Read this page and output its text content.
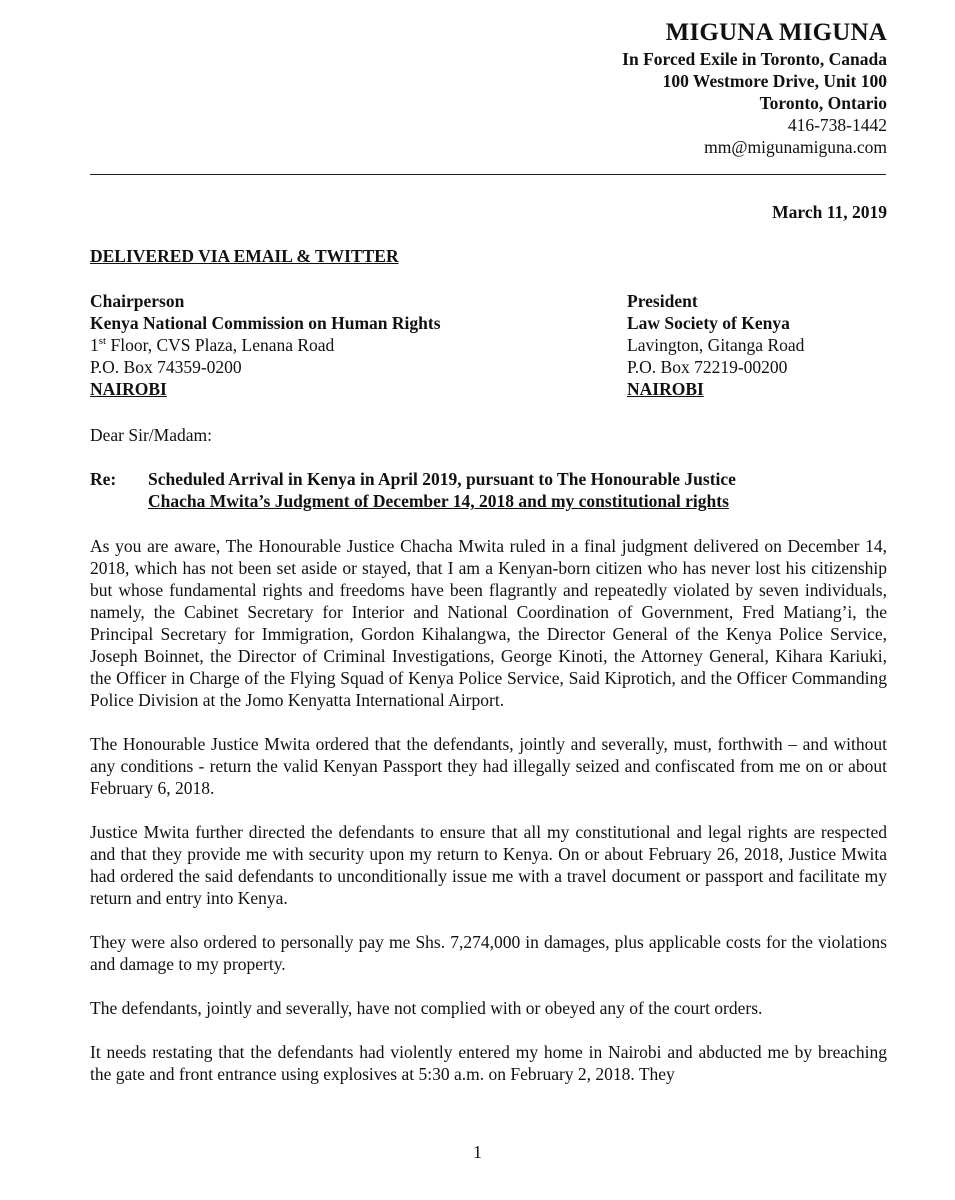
MIGUNA MIGUNA
In Forced Exile in Toronto, Canada
100 Westmore Drive, Unit 100
Toronto, Ontario
416-738-1442
mm@migunamiguna.com
March 11, 2019
DELIVERED VIA EMAIL & TWITTER
Chairperson
Kenya National Commission on Human Rights
1st Floor, CVS Plaza, Lenana Road
P.O. Box 74359-0200
NAIROBI
President
Law Society of Kenya
Lavington, Gitanga Road
P.O. Box 72219-00200
NAIROBI
Dear Sir/Madam:
Re: Scheduled Arrival in Kenya in April 2019, pursuant to The Honourable Justice
Chacha Mwita’s Judgment of December 14, 2018 and my constitutional rights

As you are aware, The Honourable Justice Chacha Mwita ruled in a final judgment delivered on December 14, 2018, which has not been set aside or stayed, that I am a Kenyan-born citizen who has never lost his citizenship but whose fundamental rights and freedoms have been flagrantly and repeatedly violated by seven individuals, namely, the Cabinet Secretary for Interior and National Coordination of Government, Fred Matiang’i, the Principal Secretary for Immigration, Gordon Kihalangwa, the Director General of the Kenya Police Service, Joseph Boinnet, the Director of Criminal Investigations, George Kinoti, the Attorney General, Kihara Kariuki, the Officer in Charge of the Flying Squad of Kenya Police Service, Said Kiprotich, and the Officer Commanding Police Division at the Jomo Kenyatta International Airport.

The Honourable Justice Mwita ordered that the defendants, jointly and severally, must, forthwith – and without any conditions - return the valid Kenyan Passport they had illegally seized and confiscated from me on or about February 6, 2018.

Justice Mwita further directed the defendants to ensure that all my constitutional and legal rights are respected and that they provide me with security upon my return to Kenya. On or about February 26, 2018, Justice Mwita had ordered the said defendants to unconditionally issue me with a travel document or passport and facilitate my return and entry into Kenya.

They were also ordered to personally pay me Shs. 7,274,000 in damages, plus applicable costs for the violations and damage to my property.

The defendants, jointly and severally, have not complied with or obeyed any of the court orders.

It needs restating that the defendants had violently entered my home in Nairobi and abducted me by breaching the gate and front entrance using explosives at 5:30 a.m. on February 2, 2018. They

1
